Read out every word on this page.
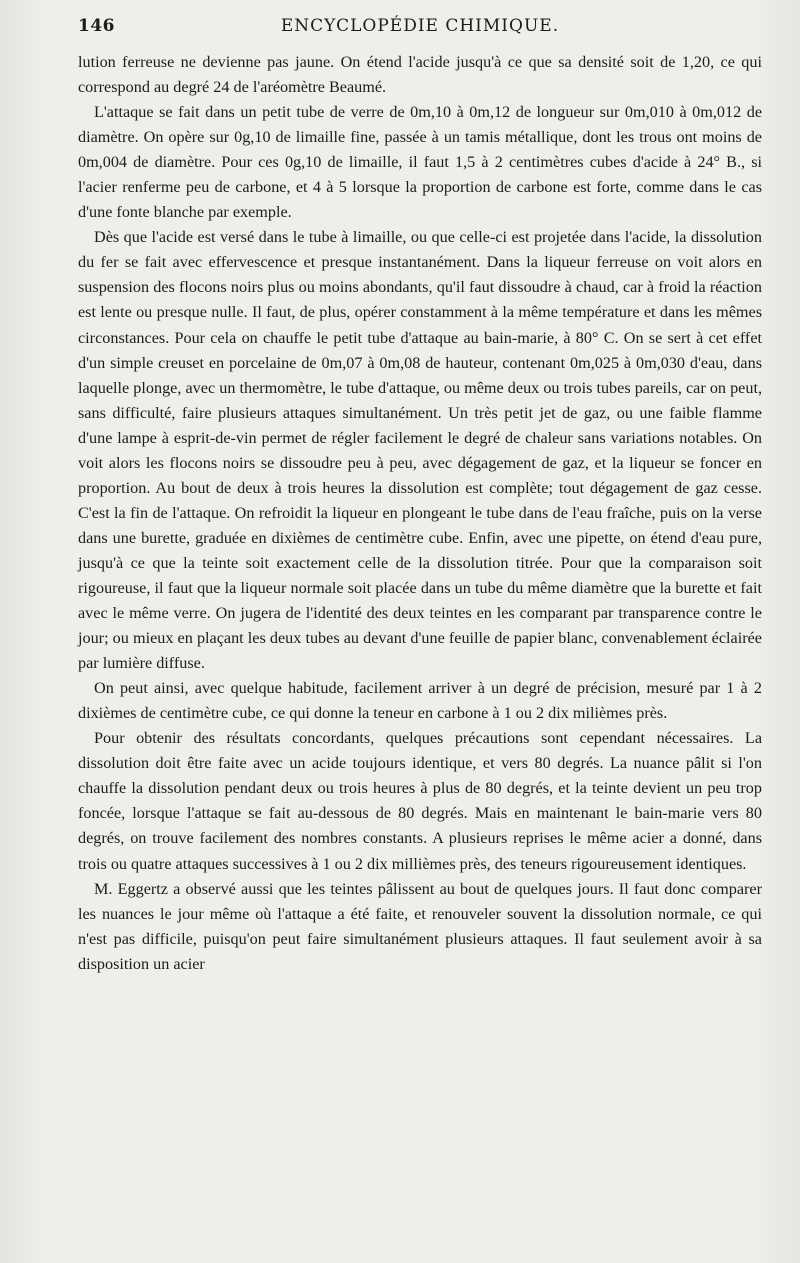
146	ENCYCLOPÉDIE CHIMIQUE.

lution ferreuse ne devienne pas jaune. On étend l'acide jusqu'à ce que sa densité soit de 1,20, ce qui correspond au degré 24 de l'aréomètre Beaumé.

L'attaque se fait dans un petit tube de verre de 0m,10 à 0m,12 de longueur sur 0m,010 à 0m,012 de diamètre. On opère sur 0g,10 de limaille fine, passée à un tamis métallique, dont les trous ont moins de 0m,004 de diamètre. Pour ces 0g,10 de limaille, il faut 1,5 à 2 centimètres cubes d'acide à 24° B., si l'acier renferme peu de carbone, et 4 à 5 lorsque la proportion de carbone est forte, comme dans le cas d'une fonte blanche par exemple.

Dès que l'acide est versé dans le tube à limaille, ou que celle-ci est projetée dans l'acide, la dissolution du fer se fait avec effervescence et presque instantanément. Dans la liqueur ferreuse on voit alors en suspension des flocons noirs plus ou moins abondants, qu'il faut dissoudre à chaud, car à froid la réaction est lente ou presque nulle. Il faut, de plus, opérer constamment à la même température et dans les mêmes circonstances. Pour cela on chauffe le petit tube d'attaque au bain-marie, à 80° C. On se sert à cet effet d'un simple creuset en porcelaine de 0m,07 à 0m,08 de hauteur, contenant 0m,025 à 0m,030 d'eau, dans laquelle plonge, avec un thermomètre, le tube d'attaque, ou même deux ou trois tubes pareils, car on peut, sans difficulté, faire plusieurs attaques simultanément. Un très petit jet de gaz, ou une faible flamme d'une lampe à esprit-de-vin permet de régler facilement le degré de chaleur sans variations notables. On voit alors les flocons noirs se dissoudre peu à peu, avec dégagement de gaz, et la liqueur se foncer en proportion. Au bout de deux à trois heures la dissolution est complète; tout dégagement de gaz cesse. C'est la fin de l'attaque. On refroidit la liqueur en plongeant le tube dans de l'eau fraîche, puis on la verse dans une burette, graduée en dixièmes de centimètre cube. Enfin, avec une pipette, on étend d'eau pure, jusqu'à ce que la teinte soit exactement celle de la dissolution titrée. Pour que la comparaison soit rigoureuse, il faut que la liqueur normale soit placée dans un tube du même diamètre que la burette et fait avec le même verre. On jugera de l'identité des deux teintes en les comparant par transparence contre le jour; ou mieux en plaçant les deux tubes au devant d'une feuille de papier blanc, convenablement éclairée par lumière diffuse.

On peut ainsi, avec quelque habitude, facilement arriver à un degré de précision, mesuré par 1 à 2 dixièmes de centimètre cube, ce qui donne la teneur en carbone à 1 ou 2 dix milièmes près.

Pour obtenir des résultats concordants, quelques précautions sont cependant nécessaires. La dissolution doit être faite avec un acide toujours identique, et vers 80 degrés. La nuance pâlit si l'on chauffe la dissolution pendant deux ou trois heures à plus de 80 degrés, et la teinte devient un peu trop foncée, lorsque l'attaque se fait au-dessous de 80 degrés. Mais en maintenant le bain-marie vers 80 degrés, on trouve facilement des nombres constants. A plusieurs reprises le même acier a donné, dans trois ou quatre attaques successives à 1 ou 2 dix millièmes près, des teneurs rigoureusement identiques.

M. Eggertz a observé aussi que les teintes pâlissent au bout de quelques jours. Il faut donc comparer les nuances le jour même où l'attaque a été faite, et renouveler souvent la dissolution normale, ce qui n'est pas difficile, puisqu'on peut faire simultanément plusieurs attaques. Il faut seulement avoir à sa disposition un acier
